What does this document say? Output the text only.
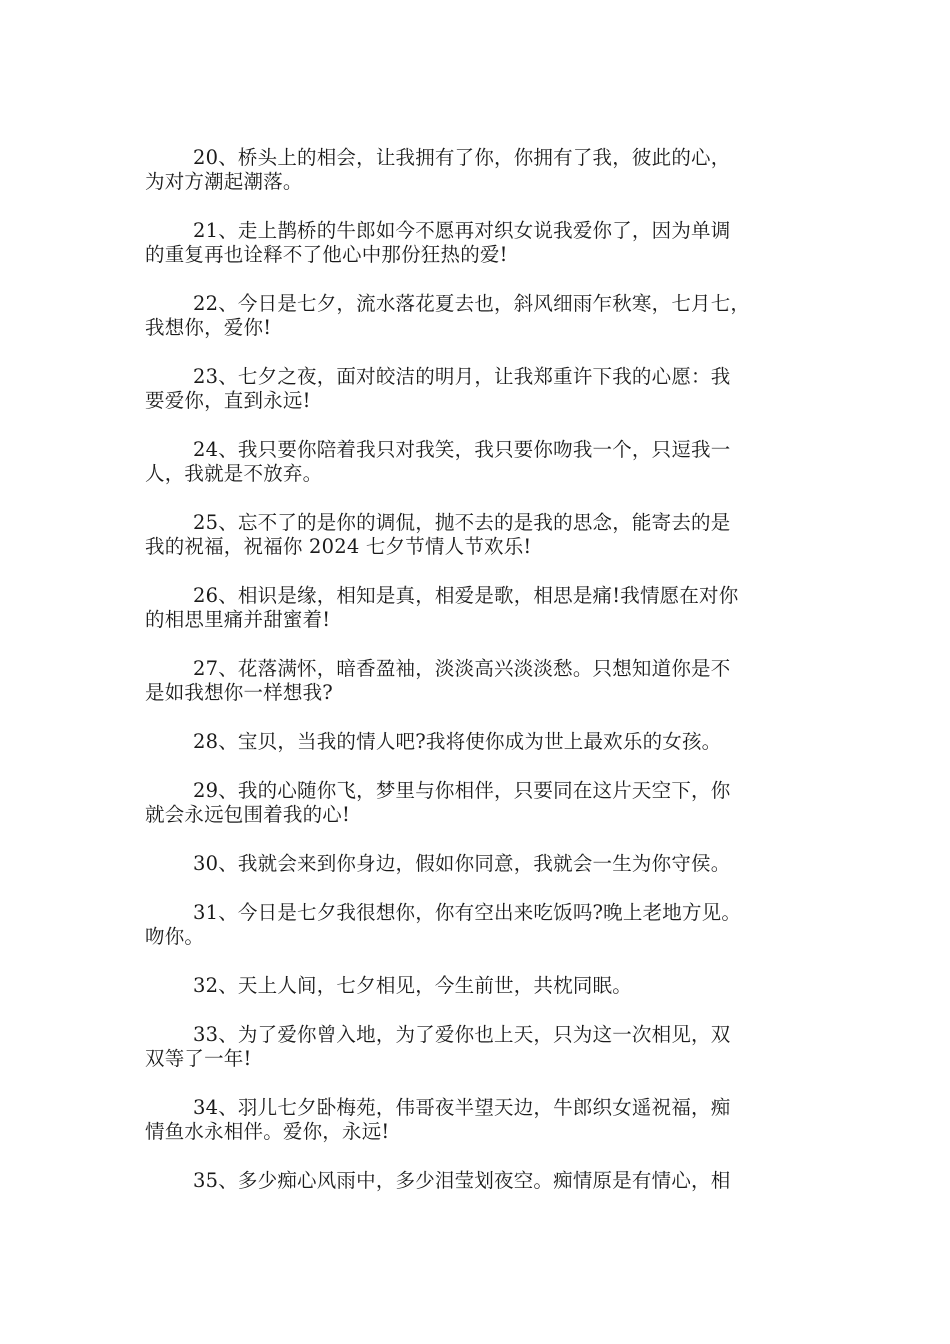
20、桥头上的相会，让我拥有了你，你拥有了我，彼此的心，
为对方潮起潮落。

21、走上鹊桥的牛郎如今不愿再对织女说我爱你了，因为单调
的重复再也诠释不了他心中那份狂热的爱!

22、今日是七夕，流水落花夏去也，斜风细雨乍秋寒，七月七，
我想你，爱你!

23、七夕之夜，面对皎洁的明月，让我郑重许下我的心愿：我
要爱你，直到永远!

24、我只要你陪着我只对我笑，我只要你吻我一个，只逗我一
人，我就是不放弃。

25、忘不了的是你的调侃，抛不去的是我的思念，能寄去的是
我的祝福，祝福你 2024 七夕节情人节欢乐!

26、相识是缘，相知是真，相爱是歌，相思是痛!我情愿在对你
的相思里痛并甜蜜着!

27、花落满怀，暗香盈袖，淡淡高兴淡淡愁。只想知道你是不
是如我想你一样想我?

28、宝贝，当我的情人吧?我将使你成为世上最欢乐的女孩。

29、我的心随你飞，梦里与你相伴，只要同在这片天空下，你
就会永远包围着我的心!

30、我就会来到你身边，假如你同意，我就会一生为你守侯。

31、今日是七夕我很想你，你有空出来吃饭吗?晚上老地方见。
吻你。

32、天上人间，七夕相见，今生前世，共枕同眠。

33、为了爱你曾入地，为了爱你也上天，只为这一次相见，双
双等了一年!

34、羽儿七夕卧梅苑，伟哥夜半望天边，牛郎织女遥祝福，痴
情鱼水永相伴。爱你，永远!

35、多少痴心风雨中，多少泪莹划夜空。痴情原是有情心，相
